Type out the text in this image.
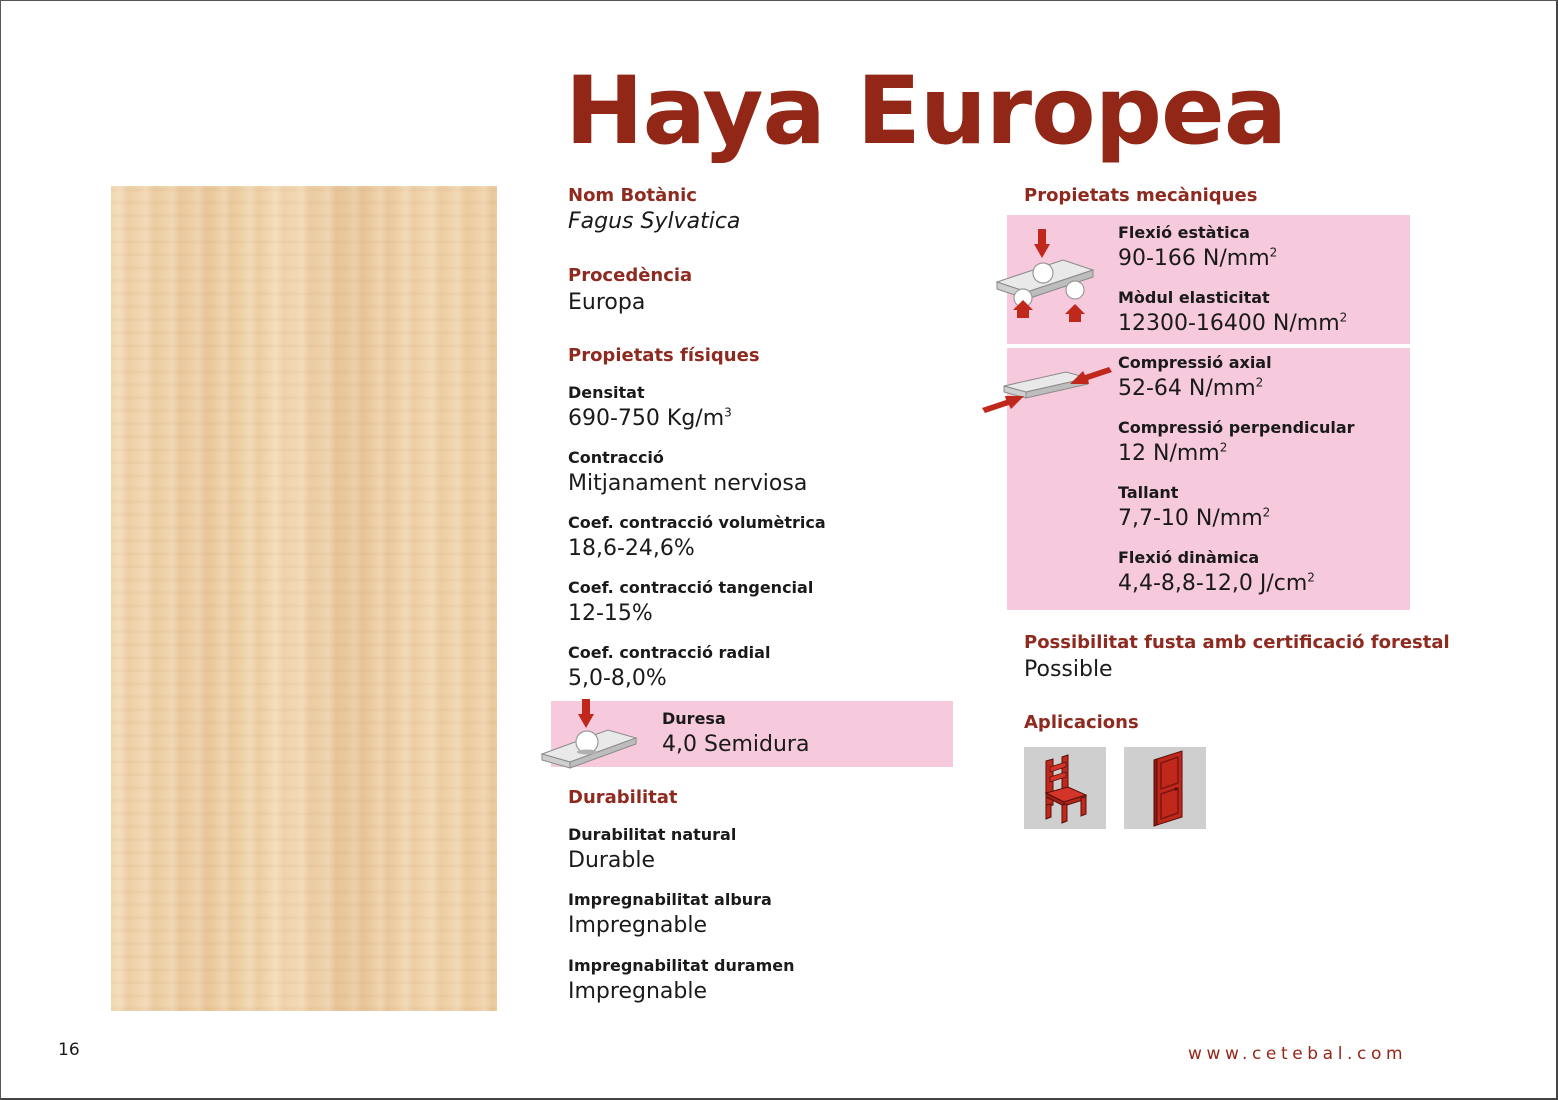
Haya Europea
Nom Botànic
Fagus Sylvatica
Procedència
Europa
Propietats físiques
Densitat
690-750 $Kg/m^3$
Contracció
Mitjanament nerviosa
Coef. contracció volumètrica
18,6-24,6%
Coef. contracció tangencial
12-15%
Coef. contracció radial
5,0-8,0%
Duresa
4,0 Semidura
Durabilitat
Durabilitat natural
Durable
Impregnabilitat albura
Impregnable
Impregnabilitat duramen
Impregnable
Propietats mecàniques
Flexió estàtica
90-166 $N/mm^2$
Mòdul elasticitat
12300-16400 $N/mm^2$
Compressió axial
52-64 $N/mm^2$
Compressió perpendicular
12 $N/mm^2$
Tallant
7,7-10 $N/mm^2$
Flexió dinàmica
4,4-8,8-12,0 $J/cm^2$
Possibilitat fusta amb certificació forestal
Possible
Aplicacions
16	www.cetebal.com
